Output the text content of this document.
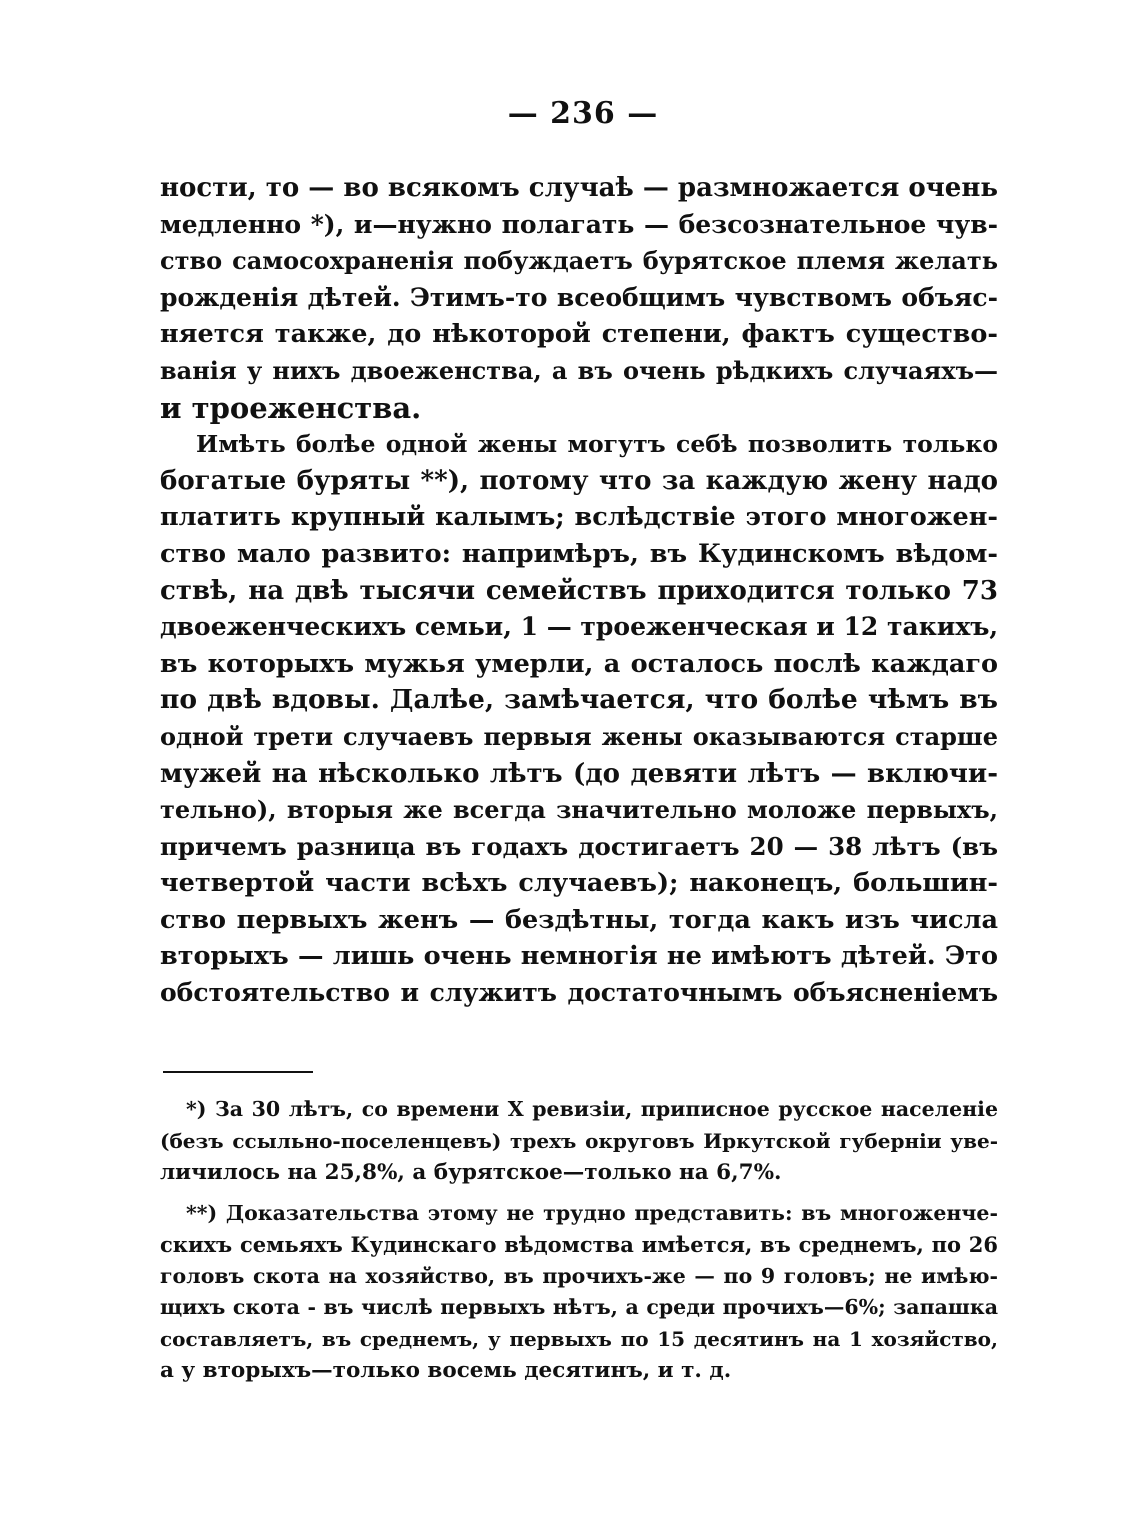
— 236 —
ности, то — во всякомъ случаѣ — размножается очень
медленно *), и—нужно полагать — безсознательное чув-
ство самосохраненія побуждаетъ бурятское племя желать
рожденія дѣтей. Этимъ-то всеобщимъ чувствомъ объяс-
няется также, до нѣкоторой степени, фактъ существо-
ванія у нихъ двоеженства, а въ очень рѣдкихъ случаяхъ—
и троеженства.
Имѣть болѣе одной жены могутъ себѣ позволить только
богатые буряты **), потому что за каждую жену надо
платить крупный калымъ; вслѣдствіе этого многожен-
ство мало развито: напримѣръ, въ Кудинскомъ вѣдом-
ствѣ, на двѣ тысячи семействъ приходится только 73
двоеженческихъ семьи, 1 — троеженческая и 12 такихъ,
въ которыхъ мужья умерли, а осталось послѣ каждаго
по двѣ вдовы. Далѣе, замѣчается, что болѣе чѣмъ въ
одной трети случаевъ первыя жены оказываются старше
мужей на нѣсколько лѣтъ (до девяти лѣтъ — включи-
тельно), вторыя же всегда значительно моложе первыхъ,
причемъ разница въ годахъ достигаетъ 20 — 38 лѣтъ (въ
четвертой части всѣхъ случаевъ); наконецъ, большин-
ство первыхъ женъ — бездѣтны, тогда какъ изъ числа
вторыхъ — лишь очень немногія не имѣютъ дѣтей. Это
обстоятельство и служитъ достаточнымъ объясненіемъ
*) За 30 лѣтъ, со времени X ревизіи, приписное русское населеніе
(безъ ссыльно-поселенцевъ) трехъ округовъ Иркутской губерніи уве-
личилось на 25,8%, а бурятское—только на 6,7%.
**) Доказательства этому не трудно представить: въ многоженче-
скихъ семьяхъ Кудинскаго вѣдомства имѣется, въ среднемъ, по 26
головъ скота на хозяйство, въ прочихъ-же — по 9 головъ; не имѣю-
щихъ скота - въ числѣ первыхъ нѣтъ, а среди прочихъ—6%; запашка
составляетъ, въ среднемъ, у первыхъ по 15 десятинъ на 1 хозяйство,
а у вторыхъ—только восемь десятинъ, и т. д.
